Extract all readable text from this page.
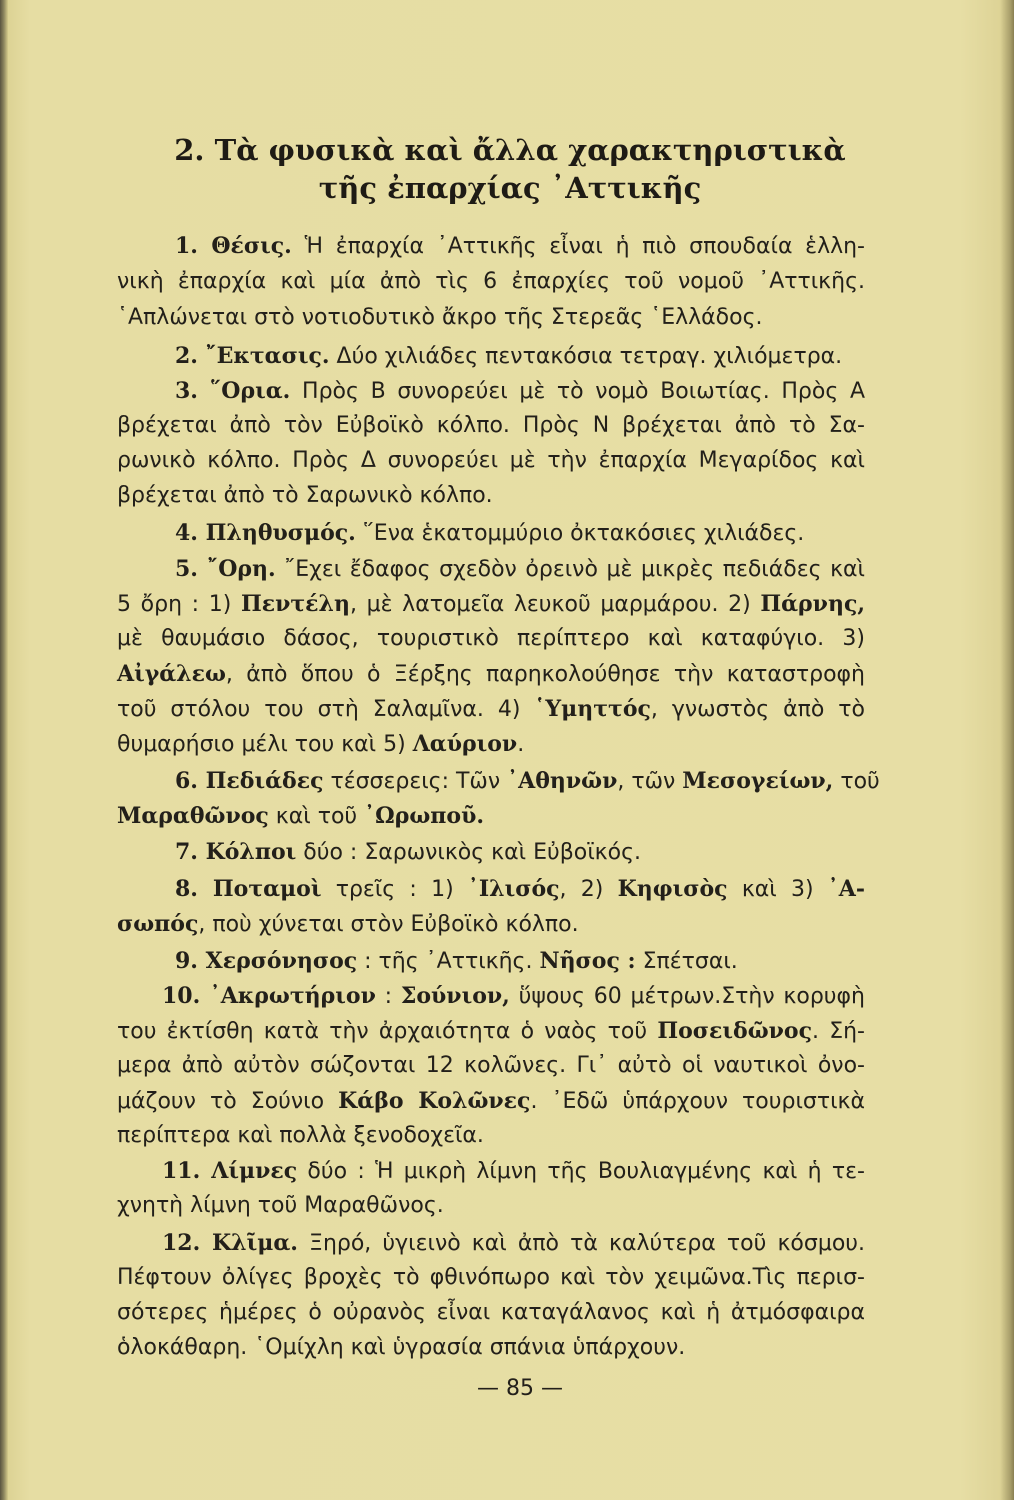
2. Τὰ φυσικὰ καὶ ἄλλα χαρακτηριστικὰ
τῆς ἐπαρχίας ᾿Αττικῆς
1. Θέσις. Ἡ ἐπαρχία ᾿Αττικῆς εἶναι ἡ πιὸ σπουδαία ἑλλη-
νικὴ ἐπαρχία καὶ μία ἀπὸ τὶς 6 ἐπαρχίες τοῦ νομοῦ ᾿Αττικῆς.
῾Απλώνεται στὸ νοτιοδυτικὸ ἄκρο τῆς Στερεᾶς ῾Ελλάδος.
2. ῎Εκτασις. Δύο χιλιάδες πεντακόσια τετραγ. χιλιόμετρα.
3. ῞Ορια. Πρὸς Β συνορεύει μὲ τὸ νομὸ Βοιωτίας. Πρὸς Α
βρέχεται ἀπὸ τὸν Εὐβοϊκὸ κόλπο. Πρὸς Ν βρέχεται ἀπὸ τὸ Σα-
ρωνικὸ κόλπο. Πρὸς Δ συνορεύει μὲ τὴν ἐπαρχία Μεγαρίδος καὶ
βρέχεται ἀπὸ τὸ Σαρωνικὸ κόλπο.
4. Πληθυσμός. ῞Ενα ἑκατομμύριο ὀκτακόσιες χιλιάδες.
5. ῎Ορη. ῎Εχει ἔδαφος σχεδὸν ὀρεινὸ μὲ μικρὲς πεδιάδες καὶ
5 ὄρη : 1) Πεντέλη, μὲ λατομεῖα λευκοῦ μαρμάρου. 2) Πάρνης,
μὲ θαυμάσιο δάσος, τουριστικὸ περίπτερο καὶ καταφύγιο. 3)
Αἰγάλεω, ἀπὸ ὅπου ὁ Ξέρξης παρηκολούθησε τὴν καταστροφὴ
τοῦ στόλου του στὴ Σαλαμῖνα. 4) ῾Υμηττός, γνωστὸς ἀπὸ τὸ
θυμαρήσιο μέλι του καὶ 5) Λαύριον.
6. Πεδιάδες τέσσερεις: Τῶν ᾿Αθηνῶν, τῶν Μεσογείων, τοῦ
Μαραθῶνος καὶ τοῦ ᾿Ωρωποῦ.
7. Κόλποι δύο : Σαρωνικὸς καὶ Εὐβοϊκός.
8. Ποταμοὶ τρεῖς : 1) ᾿Ιλισός, 2) Κηφισὸς καὶ 3) ᾿Α-
σωπός, ποὺ χύνεται στὸν Εὐβοϊκὸ κόλπο.
9. Χερσόνησος : τῆς ᾿Αττικῆς. Νῆσος : Σπέτσαι.
10. ᾿Ακρωτήριον : Σούνιον, ὕψους 60 μέτρων.Στὴν κορυφὴ
του ἐκτίσθη κατὰ τὴν ἀρχαιότητα ὁ ναὸς τοῦ Ποσειδῶνος. Σή-
μερα ἀπὸ αὐτὸν σώζονται 12 κολῶνες. Γι᾿ αὐτὸ οἱ ναυτικοὶ ὀνο-
μάζουν τὸ Σούνιο Κάβο Κολῶνες. ᾿Εδῶ ὑπάρχουν τουριστικὰ
περίπτερα καὶ πολλὰ ξενοδοχεῖα.
11. Λίμνες δύο : Ἡ μικρὴ λίμνη τῆς Βουλιαγμένης καὶ ἡ τε-
χνητὴ λίμνη τοῦ Μαραθῶνος.
12. Κλῖμα. Ξηρό, ὑγιεινὸ καὶ ἀπὸ τὰ καλύτερα τοῦ κόσμου.
Πέφτουν ὀλίγες βροχὲς τὸ φθινόπωρο καὶ τὸν χειμῶνα.Τὶς περισ-
σότερες ἡμέρες ὁ οὐρανὸς εἶναι καταγάλανος καὶ ἡ ἀτμόσφαιρα
ὁλοκάθαρη. ῾Ομίχλη καὶ ὑγρασία σπάνια ὑπάρχουν.
— 85 —
